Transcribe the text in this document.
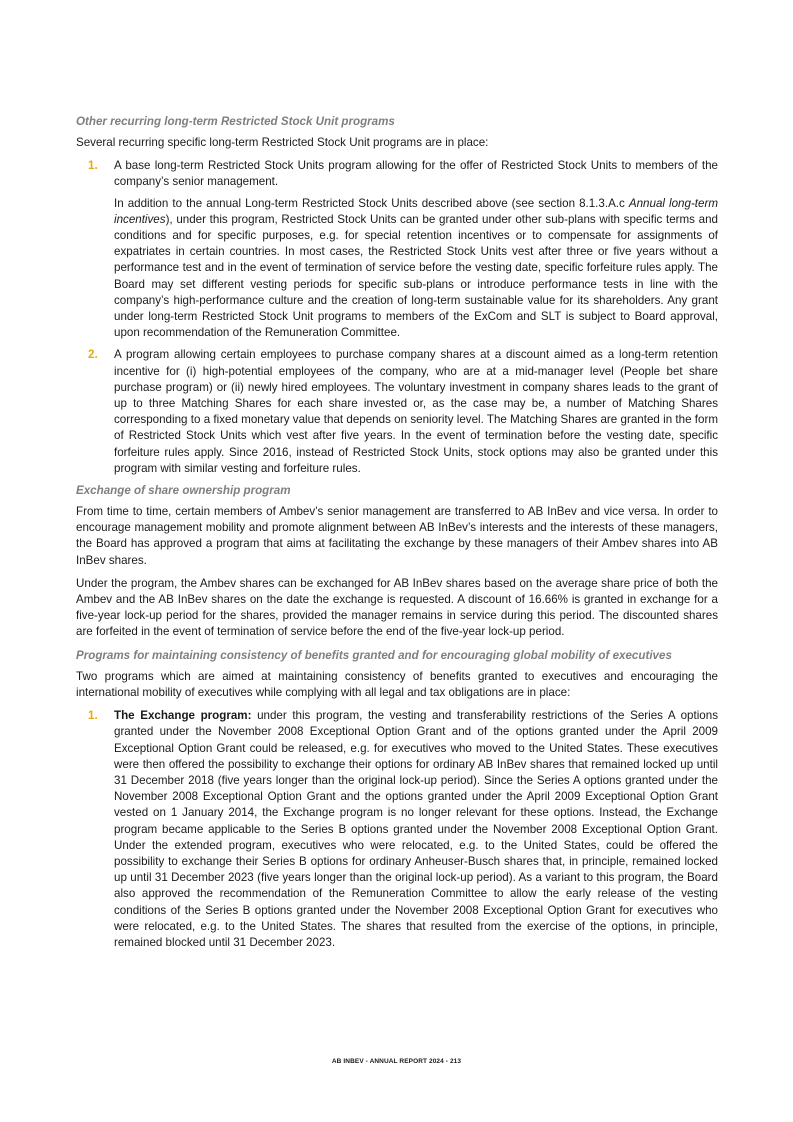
Other recurring long-term Restricted Stock Unit programs

Several recurring specific long-term Restricted Stock Unit programs are in place:

1. A base long-term Restricted Stock Units program allowing for the offer of Restricted Stock Units to members of the company’s senior management.

In addition to the annual Long-term Restricted Stock Units described above (see section 8.1.3.A.c Annual long-term incentives), under this program, Restricted Stock Units can be granted under other sub-plans with specific terms and conditions and for specific purposes, e.g. for special retention incentives or to compensate for assignments of expatriates in certain countries. In most cases, the Restricted Stock Units vest after three or five years without a performance test and in the event of termination of service before the vesting date, specific forfeiture rules apply. The Board may set different vesting periods for specific sub-plans or introduce performance tests in line with the company’s high-performance culture and the creation of long-term sustainable value for its shareholders. Any grant under long-term Restricted Stock Unit programs to members of the ExCom and SLT is subject to Board approval, upon recommendation of the Remuneration Committee.

2. A program allowing certain employees to purchase company shares at a discount aimed as a long-term retention incentive for (i) high-potential employees of the company, who are at a mid-manager level (People bet share purchase program) or (ii) newly hired employees. The voluntary investment in company shares leads to the grant of up to three Matching Shares for each share invested or, as the case may be, a number of Matching Shares corresponding to a fixed monetary value that depends on seniority level. The Matching Shares are granted in the form of Restricted Stock Units which vest after five years. In the event of termination before the vesting date, specific forfeiture rules apply. Since 2016, instead of Restricted Stock Units, stock options may also be granted under this program with similar vesting and forfeiture rules.

Exchange of share ownership program

From time to time, certain members of Ambev’s senior management are transferred to AB InBev and vice versa. In order to encourage management mobility and promote alignment between AB InBev’s interests and the interests of these managers, the Board has approved a program that aims at facilitating the exchange by these managers of their Ambev shares into AB InBev shares.

Under the program, the Ambev shares can be exchanged for AB InBev shares based on the average share price of both the Ambev and the AB InBev shares on the date the exchange is requested. A discount of 16.66% is granted in exchange for a five-year lock-up period for the shares, provided the manager remains in service during this period. The discounted shares are forfeited in the event of termination of service before the end of the five-year lock-up period.

Programs for maintaining consistency of benefits granted and for encouraging global mobility of executives

Two programs which are aimed at maintaining consistency of benefits granted to executives and encouraging the international mobility of executives while complying with all legal and tax obligations are in place:

1. The Exchange program: under this program, the vesting and transferability restrictions of the Series A options granted under the November 2008 Exceptional Option Grant and of the options granted under the April 2009 Exceptional Option Grant could be released, e.g. for executives who moved to the United States. These executives were then offered the possibility to exchange their options for ordinary AB InBev shares that remained locked up until 31 December 2018 (five years longer than the original lock-up period). Since the Series A options granted under the November 2008 Exceptional Option Grant and the options granted under the April 2009 Exceptional Option Grant vested on 1 January 2014, the Exchange program is no longer relevant for these options. Instead, the Exchange program became applicable to the Series B options granted under the November 2008 Exceptional Option Grant. Under the extended program, executives who were relocated, e.g. to the United States, could be offered the possibility to exchange their Series B options for ordinary Anheuser-Busch shares that, in principle, remained locked up until 31 December 2023 (five years longer than the original lock-up period). As a variant to this program, the Board also approved the recommendation of the Remuneration Committee to allow the early release of the vesting conditions of the Series B options granted under the November 2008 Exceptional Option Grant for executives who were relocated, e.g. to the United States. The shares that resulted from the exercise of the options, in principle, remained blocked until 31 December 2023.

AB INBEV - ANNUAL REPORT 2024 - 213
